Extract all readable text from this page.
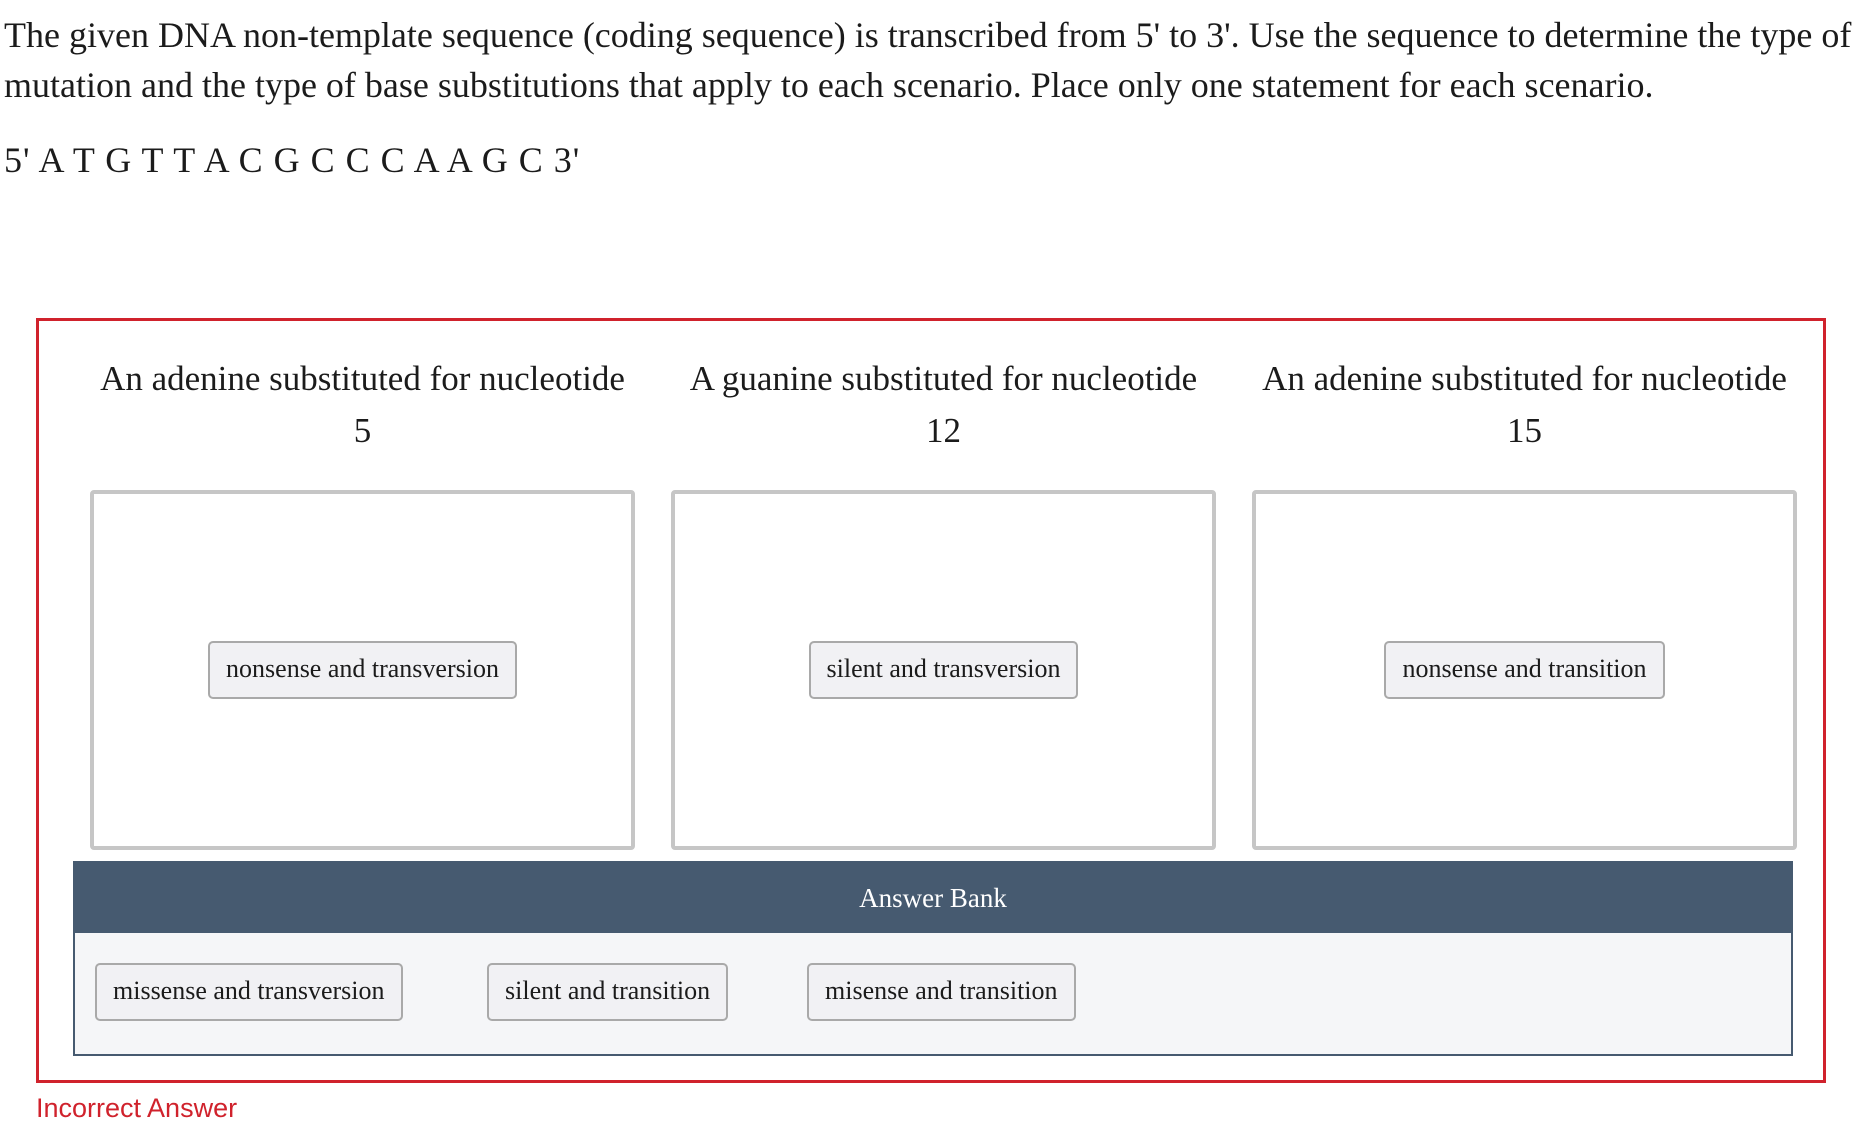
The given DNA non-template sequence (coding sequence) is transcribed from 5' to 3'. Use the sequence to determine the type of mutation and the type of base substitutions that apply to each scenario. Place only one statement for each scenario.

5' A T G T T A C G C C C A A G C 3'

An adenine substituted for nucleotide 5

nonsense and transversion

A guanine substituted for nucleotide 12

silent and transversion

An adenine substituted for nucleotide 15

nonsense and transition
Answer Bank
missense and transversion	silent and transition	misense and transition

Incorrect Answer
